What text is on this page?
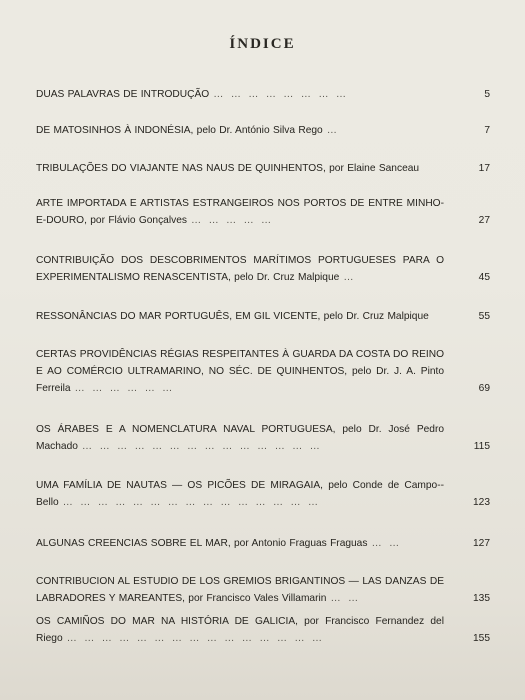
ÍNDICE
DUAS PALAVRAS DE INTRODUÇÃO … … … … … … … …	5
DE MATOSINHOS À INDONÉSIA, pelo Dr. António Silva Rego …	7
TRIBULAÇÕES DO VIAJANTE NAS NAUS DE QUINHENTOS, por Elaine Sanceau	17
ARTE IMPORTADA E ARTISTAS ESTRANGEIROS NOS PORTOS DE ENTRE MINHO-E-DOURO, por Flávio Gonçalves … … … … …	27
CONTRIBUIÇÃO DOS DESCOBRIMENTOS MARÍTIMOS PORTUGUESES PARA O EXPERIMENTALISMO RENASCENTISTA, pelo Dr. Cruz Malpique …	45
RESSONÂNCIAS DO MAR PORTUGUÊS, EM GIL VICENTE, pelo Dr. Cruz Malpique	55
CERTAS PROVIDÊNCIAS RÉGIAS RESPEITANTES À GUARDA DA COSTA DO REINO E AO COMÉRCIO ULTRAMARINO, NO SÉC. DE QUINHENTOS, pelo Dr. J. A. Pinto Ferreila … … … … … …	69
OS ÁRABES E A NOMENCLATURA NAVAL PORTUGUESA, pelo Dr. José Pedro Machado … … … … … … … … … … … … … …	115
UMA FAMÍLIA DE NAUTAS — OS PICÕES DE MIRAGAIA, pelo Conde de Campo--Bello … … … … … … … … … … … … … … …	123
ALGUNAS CREENCIAS SOBRE EL MAR, por Antonio Fraguas Fraguas … …	127
CONTRIBUCION AL ESTUDIO DE LOS GREMIOS BRIGANTINOS — LAS DANZAS DE LABRADORES Y MAREANTES, por Francisco Vales Villamarin … …	135
OS CAMIÑOS DO MAR NA HISTÓRIA DE GALICIA, por Francisco Fernandez del Riego … … … … … … … … … … … … … … …	155
